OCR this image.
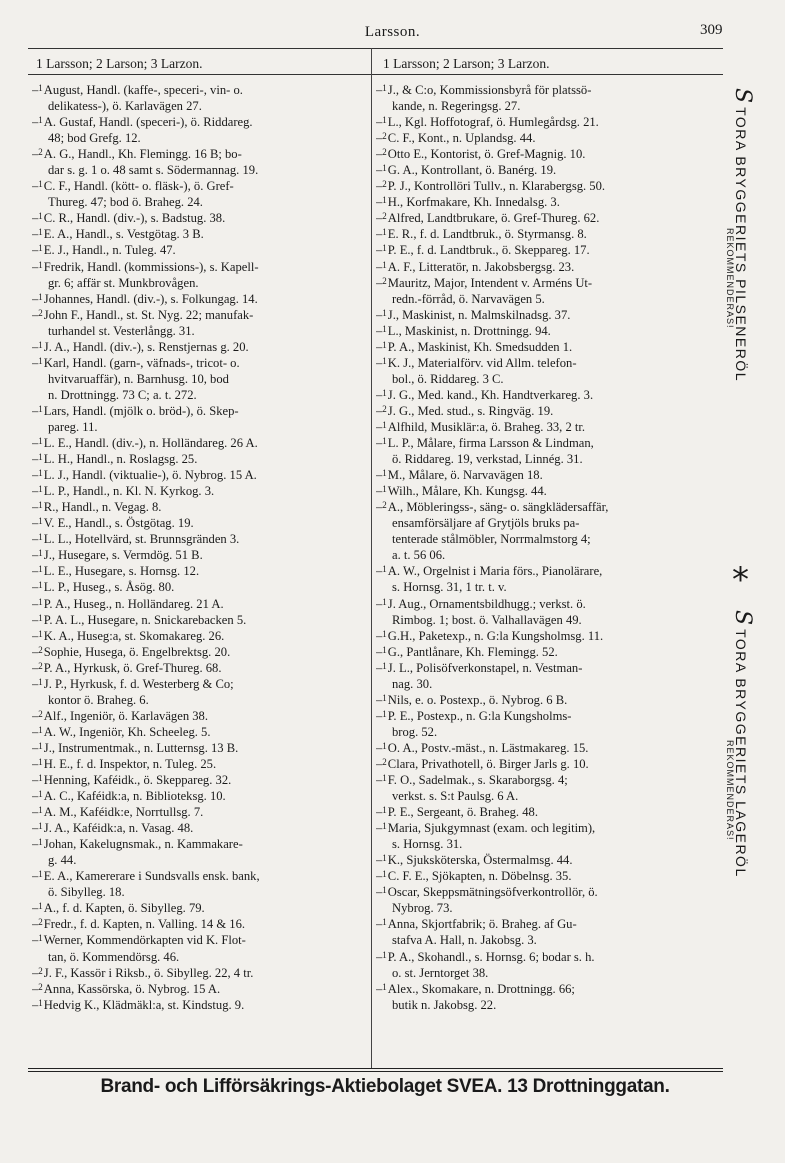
Larsson.	309
1 Larsson; 2 Larson; 3 Larzon.	1 Larsson; 2 Larson; 3 Larzon.
–$^1$August, Handl. (kaffe-, speceri-, vin- o.
delikatess-), ö. Karlavägen 27.
–$^1$A. Gustaf, Handl. (speceri-), ö. Riddareg.
48; bod Grefg. 12.
–$^2$A. G., Handl., Kh. Flemingg. 16 B; bo-
dar s. g. 1 o. 48 samt s. Södermannag. 19.
–$^1$C. F., Handl. (kött- o. fläsk-), ö. Gref-
Thureg. 47; bod ö. Braheg. 24.
–$^1$C. R., Handl. (div.-), s. Badstug. 38.
–$^1$E. A., Handl., s. Vestgötag. 3 B.
–$^1$E. J., Handl., n. Tuleg. 47.
–$^1$Fredrik, Handl. (kommissions-), s. Kapell-
gr. 6; affär st. Munkbrovågen.
–$^1$Johannes, Handl. (div.-), s. Folkungag. 14.
–$^2$John F., Handl., st. St. Nyg. 22; manufak-
turhandel st. Vesterlångg. 31.
–$^1$J. A., Handl. (div.-), s. Renstjernas g. 20.
–$^1$Karl, Handl. (garn-, väfnads-, tricot- o.
hvitvaruaffär), n. Barnhusg. 10, bod
n. Drottningg. 73 C; a. t. 272.
–$^1$Lars, Handl. (mjölk o. bröd-), ö. Skep-
pareg. 11.
–$^1$L. E., Handl. (div.-), n. Holländareg. 26 A.
–$^1$L. H., Handl., n. Roslagsg. 25.
–$^1$L. J., Handl. (viktualie-), ö. Nybrog. 15 A.
–$^1$L. P., Handl., n. Kl. N. Kyrkog. 3.
–$^1$R., Handl., n. Vegag. 8.
–$^1$V. E., Handl., s. Östgötag. 19.
–$^1$L. L., Hotellvärd, st. Brunnsgränden 3.
–$^1$J., Husegare, s. Vermdög. 51 B.
–$^1$L. E., Husegare, s. Hornsg. 12.
–$^1$L. P., Huseg., s. Åsög. 80.
–$^1$P. A., Huseg., n. Holländareg. 21 A.
–$^1$P. A. L., Husegare, n. Snickarebacken 5.
–$^1$K. A., Huseg:a, st. Skomakareg. 26.
–$^2$Sophie, Husega, ö. Engelbrektsg. 20.
–$^2$P. A., Hyrkusk, ö. Gref-Thureg. 68.
–$^1$J. P., Hyrkusk, f. d. Westerberg & Co;
kontor ö. Braheg. 6.
–$^2$Alf., Ingeniör, ö. Karlavägen 38.
–$^1$A. W., Ingeniör, Kh. Scheeleg. 5.
–$^1$J., Instrumentmak., n. Lutternsg. 13 B.
–$^1$H. E., f. d. Inspektor, n. Tuleg. 25.
–$^1$Henning, Kaféidk., ö. Skeppareg. 32.
–$^1$A. C., Kaféidk:a, n. Biblioteksg. 10.
–$^1$A. M., Kaféidk:e, Norrtullsg. 7.
–$^1$J. A., Kaféidk:a, n. Vasag. 48.
–$^1$Johan, Kakelugnsmak., n. Kammakare-
g. 44.
–$^1$E. A., Kamererare i Sundsvalls ensk. bank,
ö. Sibylleg. 18.
–$^1$A., f. d. Kapten, ö. Sibylleg. 79.
–$^2$Fredr., f. d. Kapten, n. Valling. 14 & 16.
–$^1$Werner, Kommendörkapten vid K. Flot-
tan, ö. Kommendörsg. 46.
–$^2$J. F., Kassör i Riksb., ö. Sibylleg. 22, 4 tr.
–$^2$Anna, Kassörska, ö. Nybrog. 15 A.
–$^1$Hedvig K., Klädmäkl:a, st. Kindstug. 9.
–$^1$J., & C:o, Kommissionsbyrå för platssö-
kande, n. Regeringsg. 27.
–$^1$L., Kgl. Hoffotograf, ö. Humlegårdsg. 21.
–$^2$C. F., Kont., n. Uplandsg. 44.
–$^2$Otto E., Kontorist, ö. Gref-Magnig. 10.
–$^1$G. A., Kontrollant, ö. Banérg. 19.
–$^2$P. J., Kontrollöri Tullv., n. Klarabergsg. 50.
–$^1$H., Korfmakare, Kh. Innedalsg. 3.
–$^2$Alfred, Landtbrukare, ö. Gref-Thureg. 62.
–$^1$E. R., f. d. Landtbruk., ö. Styrmansg. 8.
–$^1$P. E., f. d. Landtbruk., ö. Skeppareg. 17.
–$^1$A. F., Litteratör, n. Jakobsbergsg. 23.
–$^2$Mauritz, Major, Intendent v. Arméns Ut-
redn.-förråd, ö. Narvavägen 5.
–$^1$J., Maskinist, n. Malmskilnadsg. 37.
–$^1$L., Maskinist, n. Drottningg. 94.
–$^1$P. A., Maskinist, Kh. Smedsudden 1.
–$^1$K. J., Materialförv. vid Allm. telefon-
bol., ö. Riddareg. 3 C.
–$^1$J. G., Med. kand., Kh. Handtverkareg. 3.
–$^2$J. G., Med. stud., s. Ringväg. 19.
–$^1$Alfhild, Musiklär:a, ö. Braheg. 33, 2 tr.
–$^1$L. P., Målare, firma Larsson & Lindman,
ö. Riddareg. 19, verkstad, Linnég. 31.
–$^1$M., Målare, ö. Narvavägen 18.
–$^1$Wilh., Målare, Kh. Kungsg. 44.
–$^2$A., Möbleringss-, säng- o. sängklädersaffär,
ensamförsäljare af Grytjöls bruks pa-
tenterade stålmöbler, Norrmalmstorg 4;
a. t. 56 06.
–$^1$A. W., Orgelnist i Maria förs., Pianolärare,
s. Hornsg. 31, 1 tr. t. v.
–$^1$J. Aug., Ornamentsbildhugg.; verkst. ö.
Rimbog. 1; bost. ö. Valhallavägen 49.
–$^1$G.H., Paketexp., n. G:la Kungsholmsg. 11.
–$^1$G., Pantlånare, Kh. Flemingg. 52.
–$^1$J. L., Polisöfverkonstapel, n. Vestman-
nag. 30.
–$^1$Nils, e. o. Postexp., ö. Nybrog. 6 B.
–$^1$P. E., Postexp., n. G:la Kungsholms-
brog. 52.
–$^1$O. A., Postv.-mäst., n. Lästmakareg. 15.
–$^2$Clara, Privathotell, ö. Birger Jarls g. 10.
–$^1$F. O., Sadelmak., s. Skaraborgsg. 4;
verkst. s. S:t Paulsg. 6 A.
–$^1$P. E., Sergeant, ö. Braheg. 48.
–$^1$Maria, Sjukgymnast (exam. och legitim),
s. Hornsg. 31.
–$^1$K., Sjuksköterska, Östermalmsg. 44.
–$^1$C. F. E., Sjökapten, n. Döbelnsg. 35.
–$^1$Oscar, Skeppsmätningsöfverkontrollör, ö.
Nybrog. 73.
–$^1$Anna, Skjortfabrik; ö. Braheg. af Gu-
stafva A. Hall, n. Jakobsg. 3.
–$^1$P. A., Skohandl., s. Hornsg. 6; bodar s. h.
o. st. Jerntorget 38.
–$^1$Alex., Skomakare, n. Drottningg. 66;
butik n. Jakobsg. 22.
S TORA BRYGGERIETS PILSENERÖL
REKOMMENDERAS!
*
S TORA BRYGGERIETS LAGERÖL
REKOMMENDERAS!
Brand- och Lifförsäkrings-Aktiebolaget SVEA. 13 Drottninggatan.
